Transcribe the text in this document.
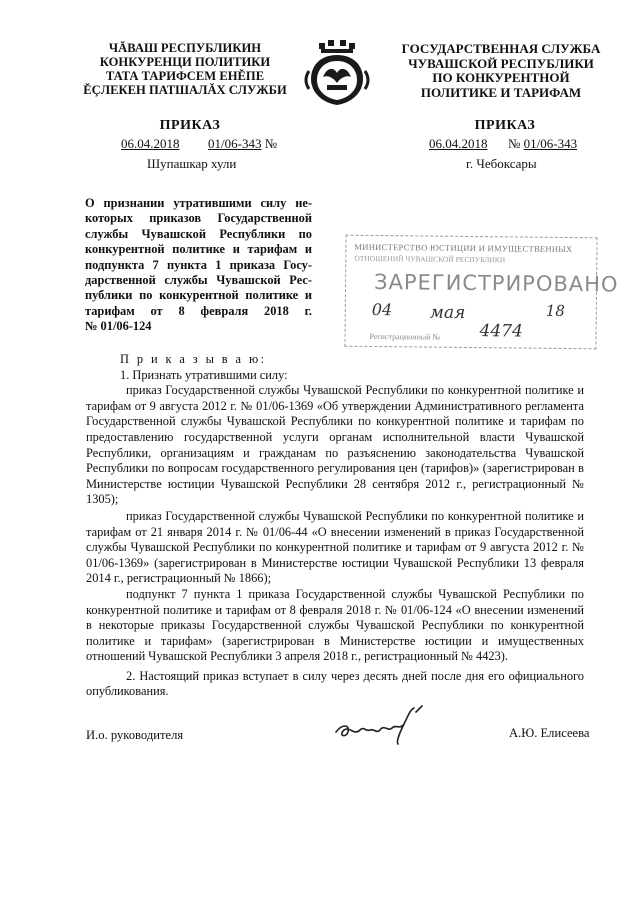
ЧĂВАШ РЕСПУБЛИКИН
КОНКУРЕНЦИ ПОЛИТИКИ
ТАТА ТАРИФСЕМ ЕНĔПЕ
ĔÇЛЕКЕН ПАТШАЛĂХ СЛУЖБИ
ГОСУДАРСТВЕННАЯ СЛУЖБА
ЧУВАШСКОЙ РЕСПУБЛИКИ
ПО КОНКУРЕНТНОЙ
ПОЛИТИКЕ И ТАРИФАМ
ПРИКАЗ	ПРИКАЗ
06.04.2018 01/06-343 №	06.04.2018 № 01/06-343
Шупашкар хули	г. Чебоксары
О признании утратившими силу не-
которых приказов Государственной
службы Чувашской Республики по
конкурентной политике и тарифам и
подпункта 7 пункта 1 приказа Госу-
дарственной службы Чувашской Рес-
публики по конкурентной политике и
тарифам от 8 февраля 2018 г.
№ 01/06-124
МИНИСТЕРСТВО ЮСТИЦИИ И ИМУЩЕСТВЕННЫХ
ОТНОШЕНИЙ ЧУВАШСКОЙ РЕСПУБЛИКИ
ЗАРЕГИСТРИРОВАНО
04 мая	18
Регистрационный № 4474

П р и к а з ы в а ю:

1. Признать утратившими силу:

приказ Государственной службы Чувашской Республики по конкурентной политике и тарифам от 9 августа 2012 г. № 01/06-1369 «Об утверждении Административного регламента Государственной службы Чувашской Республики по конкурентной политике и тарифам по предоставлению государственной услуги органам исполнительной власти Чувашской Республики, организациям и гражданам по разъяснению законодательства Чувашской Республики по вопросам государственного регулирования цен (тарифов)» (зарегистрирован в Министерстве юстиции Чувашской Республики 28 сентября 2012 г., регистрационный № 1305);

приказ Государственной службы Чувашской Республики по конкурентной политике и тарифам от 21 января 2014 г. № 01/06-44 «О внесении изменений в приказ Государственной службы Чувашской Республики по конкурентной политике и тарифам от 9 августа 2012 г. № 01/06-1369» (зарегистрирован в Министерстве юстиции Чувашской Республики 13 февраля 2014 г., регистрационный № 1866);

подпункт 7 пункта 1 приказа Государственной службы Чувашской Республики по конкурентной политике и тарифам от 8 февраля 2018 г. № 01/06-124 «О внесении изменений в некоторые приказы Государственной службы Чувашской Республики по конкурентной политике и тарифам» (зарегистрирован в Министерстве юстиции и имущественных отношений Чувашской Республики 3 апреля 2018 г., регистрационный № 4423).

2. Настоящий приказ вступает в силу через десять дней после дня его официального опубликования.

И.о. руководителя	А.Ю. Елисеева
